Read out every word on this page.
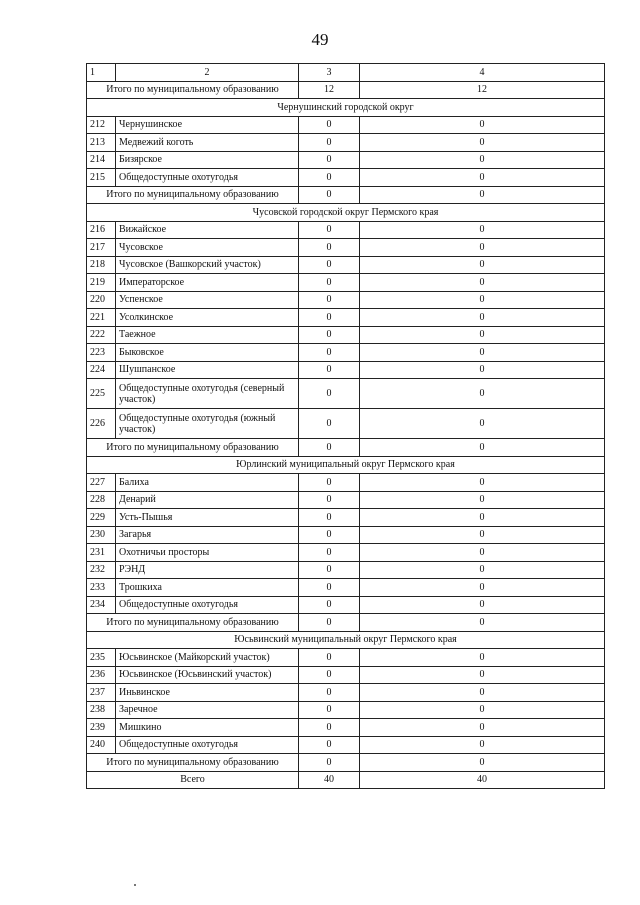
49
1	2	3	4
Итого по муниципальному образованию		12	12
Чернушинский городской округ			
212	Чернушинское	0	0
213	Медвежий коготь	0	0
214	Бизярское	0	0
215	Общедоступные охотугодья	0	0
Итого по муниципальному образованию		0	0
Чусовской городской округ Пермского края			
216	Вижайское	0	0
217	Чусовское	0	0
218	Чусовское (Вашкорский участок)	0	0
219	Императорское	0	0
220	Успенское	0	0
221	Усолкинское	0	0
222	Таежное	0	0
223	Быковское	0	0
224	Шушпанское	0	0
225	Общедоступные охотугодья (северный участок)	0	0
226	Общедоступные охотугодья (южный участок)	0	0
Итого по муниципальному образованию		0	0
Юрлинский муниципальный округ Пермского края			
227	Балиха	0	0
228	Денарий	0	0
229	Усть-Пышья	0	0
230	Загарья	0	0
231	Охотничьи просторы	0	0
232	РЭНД	0	0
233	Трошкиха	0	0
234	Общедоступные охотугодья	0	0
Итого по муниципальному образованию		0	0
Юсьвинский муниципальный округ Пермского края			
235	Юсьвинское (Майкорский участок)	0	0
236	Юсьвинское (Юсьвинский участок)	0	0
237	Иньвинское	0	0
238	Заречное	0	0
239	Мишкино	0	0
240	Общедоступные охотугодья	0	0
Итого по муниципальному образованию		0	0
Всего		40	40
